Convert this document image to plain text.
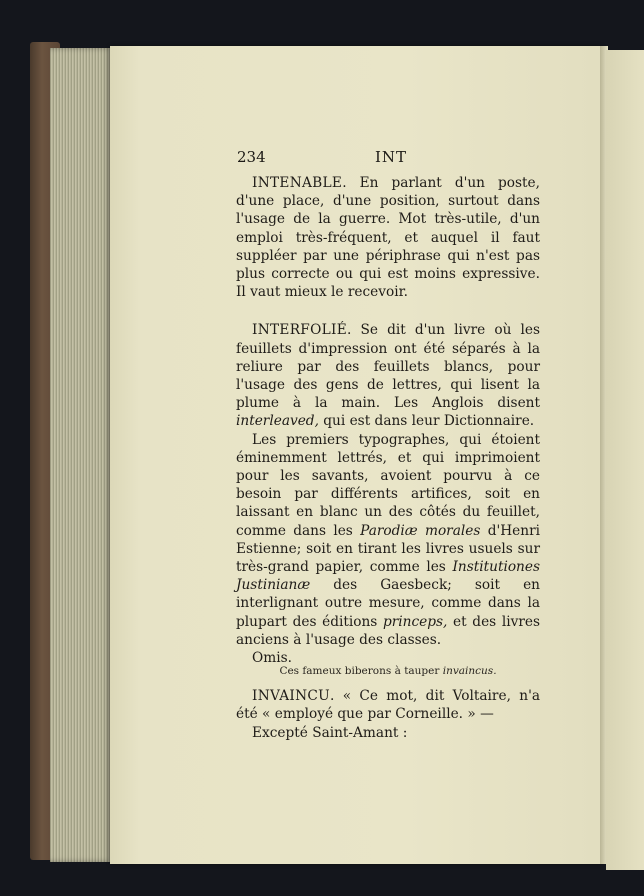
234	INT

INTENABLE. En parlant d'un poste, d'une place, d'une position, surtout dans l'usage de la guerre. Mot très-utile, d'un emploi très-fréquent, et auquel il faut suppléer par une périphrase qui n'est pas plus correcte ou qui est moins expressive. Il vaut mieux le recevoir.

INTERFOLIÉ. Se dit d'un livre où les feuillets d'impression ont été séparés à la reliure par des feuillets blancs, pour l'usage des gens de lettres, qui lisent la plume à la main. Les Anglois disent interleaved, qui est dans leur Dictionnaire.

Les premiers typographes, qui étoient éminemment lettrés, et qui imprimoient pour les savants, avoient pourvu à ce besoin par différents artifices, soit en laissant en blanc un des côtés du feuillet, comme dans les Parodiæ morales d'Henri Estienne; soit en tirant les livres usuels sur très-grand papier, comme les Institutiones Justinianæ des Gaesbeck; soit en interlignant outre mesure, comme dans la plupart des éditions princeps, et des livres anciens à l'usage des classes.

Omis.

INVAINCU. « Ce mot, dit Voltaire, n'a été « employé que par Corneille. » —

Excepté Saint-Amant :

Ces fameux biberons à tauper invaincus.
